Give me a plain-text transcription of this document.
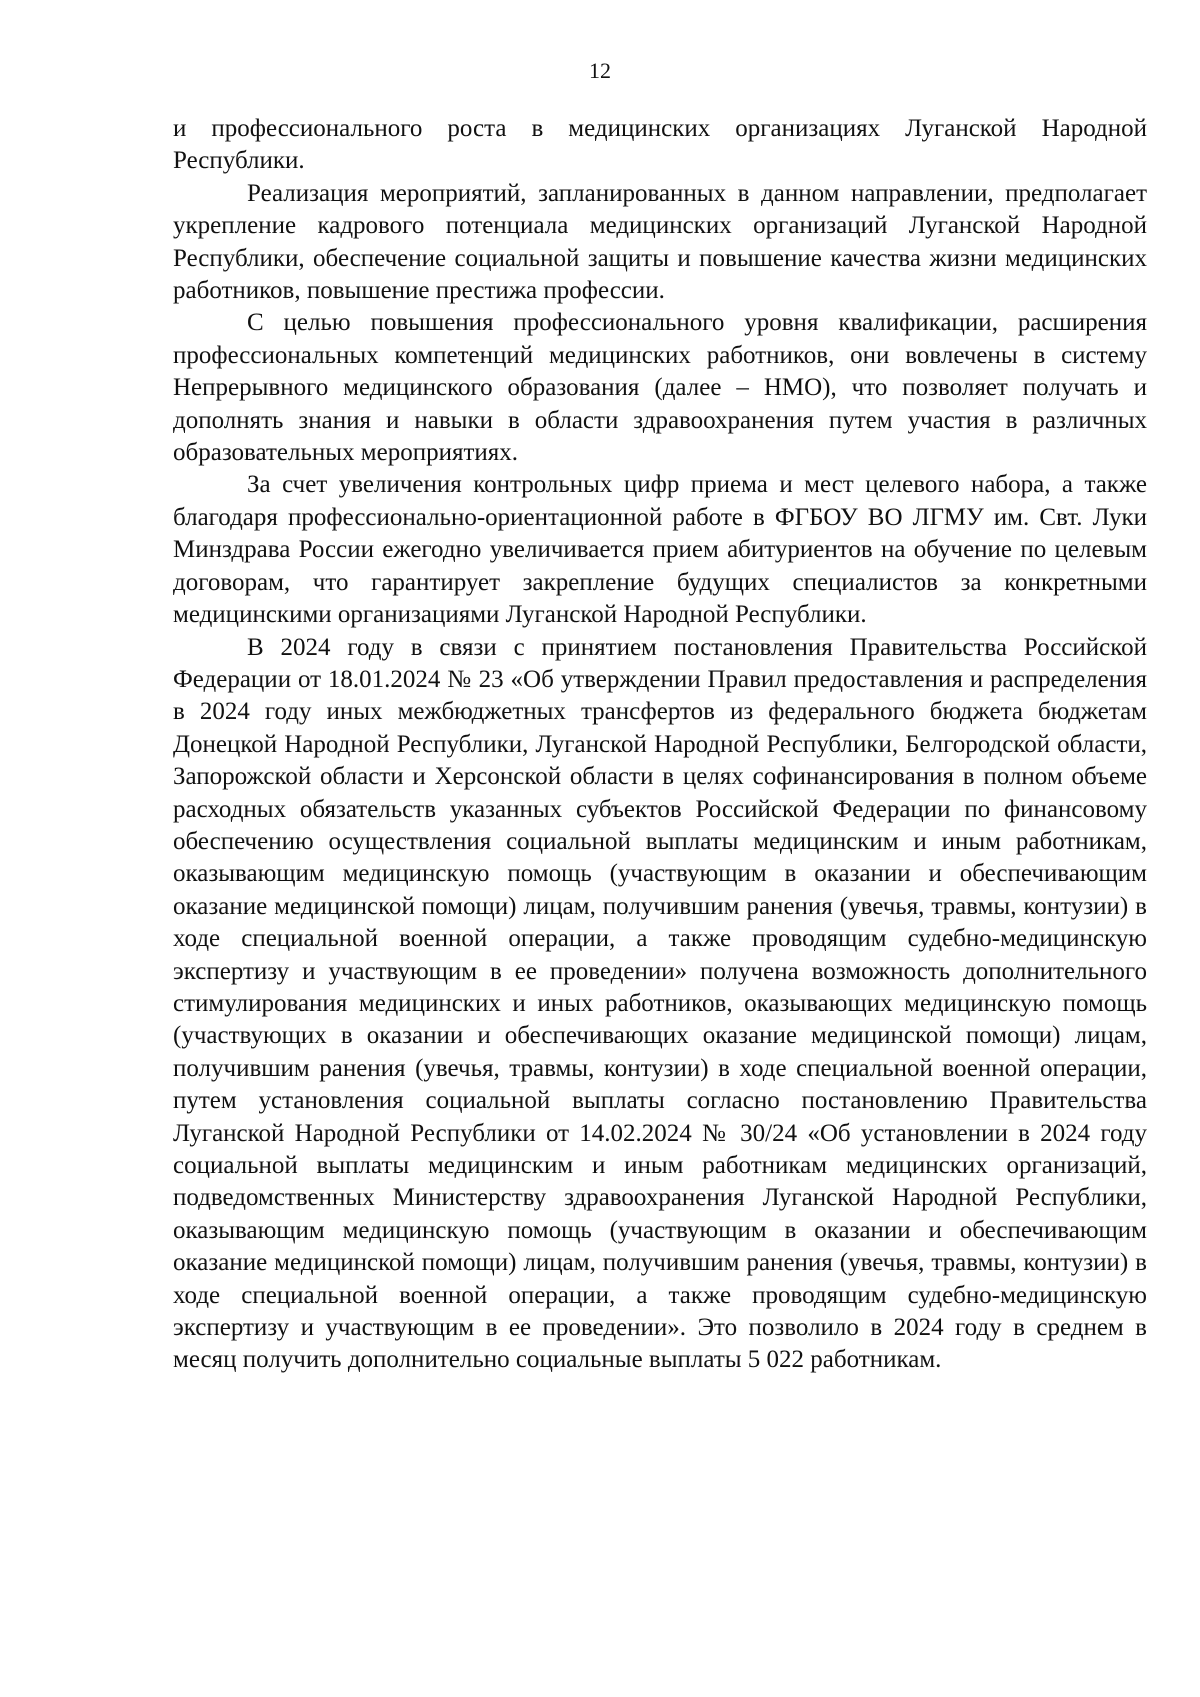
12

и профессионального роста в медицинских организациях Луганской Народной Республики.

Реализация мероприятий, запланированных в данном направлении, предполагает укрепление кадрового потенциала медицинских организаций Луганской Народной Республики, обеспечение социальной защиты и повышение качества жизни медицинских работников, повышение престижа профессии.

С целью повышения профессионального уровня квалификации, расширения профессиональных компетенций медицинских работников, они вовлечены в систему Непрерывного медицинского образования (далее – НМО), что позволяет получать и дополнять знания и навыки в области здравоохранения путем участия в различных образовательных мероприятиях.

За счет увеличения контрольных цифр приема и мест целевого набора, а также благодаря профессионально-ориентационной работе в ФГБОУ ВО ЛГМУ им. Свт. Луки Минздрава России ежегодно увеличивается прием абитуриентов на обучение по целевым договорам, что гарантирует закрепление будущих специалистов за конкретными медицинскими организациями Луганской Народной Республики.

В 2024 году в связи с принятием постановления Правительства Российской Федерации от 18.01.2024 № 23 «Об утверждении Правил предоставления и распределения в 2024 году иных межбюджетных трансфертов из федерального бюджета бюджетам Донецкой Народной Республики, Луганской Народной Республики, Белгородской области, Запорожской области и Херсонской области в целях софинансирования в полном объеме расходных обязательств указанных субъектов Российской Федерации по финансовому обеспечению осуществления социальной выплаты медицинским и иным работникам, оказывающим медицинскую помощь (участвующим в оказании и обеспечивающим оказание медицинской помощи) лицам, получившим ранения (увечья, травмы, контузии) в ходе специальной военной операции, а также проводящим судебно-медицинскую экспертизу и участвующим в ее проведении» получена возможность дополнительного стимулирования медицинских и иных работников, оказывающих медицинскую помощь (участвующих в оказании и обеспечивающих оказание медицинской помощи) лицам, получившим ранения (увечья, травмы, контузии) в ходе специальной военной операции, путем установления социальной выплаты согласно постановлению Правительства Луганской Народной Республики от 14.02.2024 № 30/24 «Об установлении в 2024 году социальной выплаты медицинским и иным работникам медицинских организаций, подведомственных Министерству здравоохранения Луганской Народной Республики, оказывающим медицинскую помощь (участвующим в оказании и обеспечивающим оказание медицинской помощи) лицам, получившим ранения (увечья, травмы, контузии) в ходе специальной военной операции, а также проводящим судебно-медицинскую экспертизу и участвующим в ее проведении». Это позволило в 2024 году в среднем в месяц получить дополнительно социальные выплаты 5 022 работникам.
